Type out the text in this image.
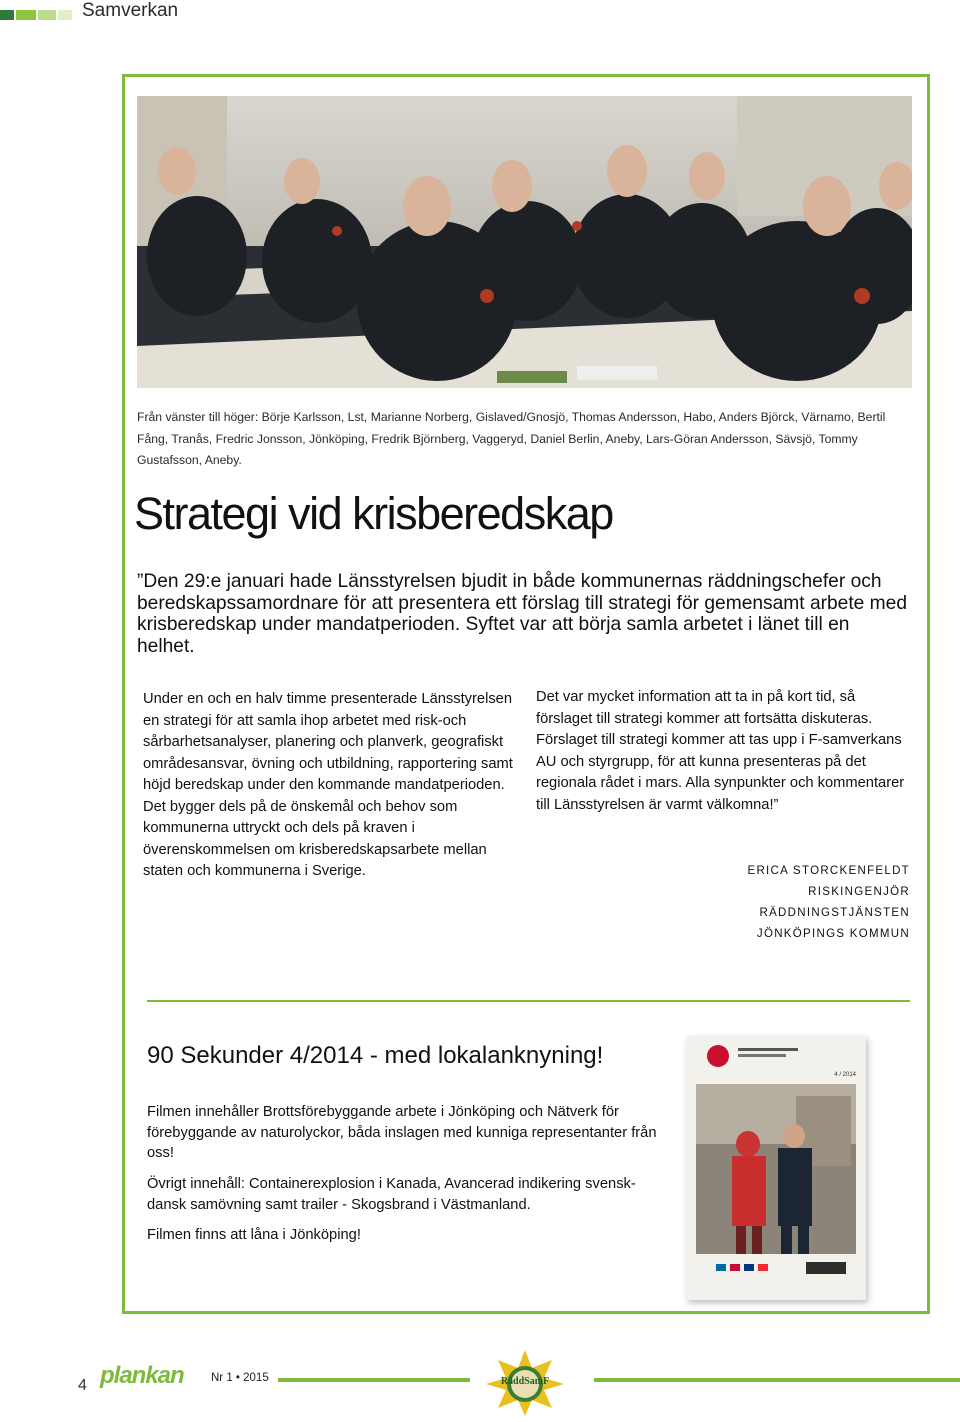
Samverkan
Från vänster till höger: Börje Karlsson, Lst, Marianne Norberg, Gislaved/Gnosjö, Thomas Andersson, Habo, Anders Björck, Värnamo, Bertil Fång, Tranås, Fredric Jonsson, Jönköping, Fredrik Björnberg, Vaggeryd, Daniel Berlin, Aneby, Lars-Göran Andersson, Sävsjö, Tommy Gustafsson, Aneby.
Strategi vid krisberedskap

”Den 29:e januari hade Länsstyrelsen bjudit in både kommunernas räddningschefer och beredskapssamordnare för att presentera ett förslag till strategi för gemensamt arbete med krisberedskap under mandatperioden. Syftet var att börja samla arbetet i länet till en helhet.

Under en och en halv timme presenterade Länsstyrelsen en strategi för att samla ihop arbetet med risk-och sårbarhetsanalyser, planering och planverk, geografiskt områdesansvar, övning och utbildning, rapportering samt höjd beredskap under den kommande mandatperioden. Det bygger dels på de önskemål och behov som kommunerna uttryckt och dels på kraven i överenskommelsen om krisberedskapsarbete mellan staten och kommunerna i Sverige.

Det var mycket information att ta in på kort tid, så förslaget till strategi kommer att fortsätta diskuteras. Förslaget till strategi kommer att tas upp i F-samverkans AU och styrgrupp, för att kunna presenteras på det regionala rådet i mars. Alla synpunkter och kommentarer till Länsstyrelsen är varmt välkomna!”

ERICA STORCKENFELDT
RISKINGENJÖR
RÄDDNINGSTJÄNSTEN
JÖNKÖPINGS KOMMUN
90 Sekunder 4/2014 - med lokalanknyning!

Filmen innehåller Brottsförebyggande arbete i Jönköping och Nätverk för förebyggande av naturolyckor, båda inslagen med kunniga representanter från oss!

Övrigt innehåll: Containerexplosion i Kanada, Avancerad indikering svensk-dansk samövning samt trailer - Skogsbrand i Västmanland.

Filmen finns att låna i Jönköping!

4 / 2014
4 plankan Nr 1 • 2015	RäddSamF
